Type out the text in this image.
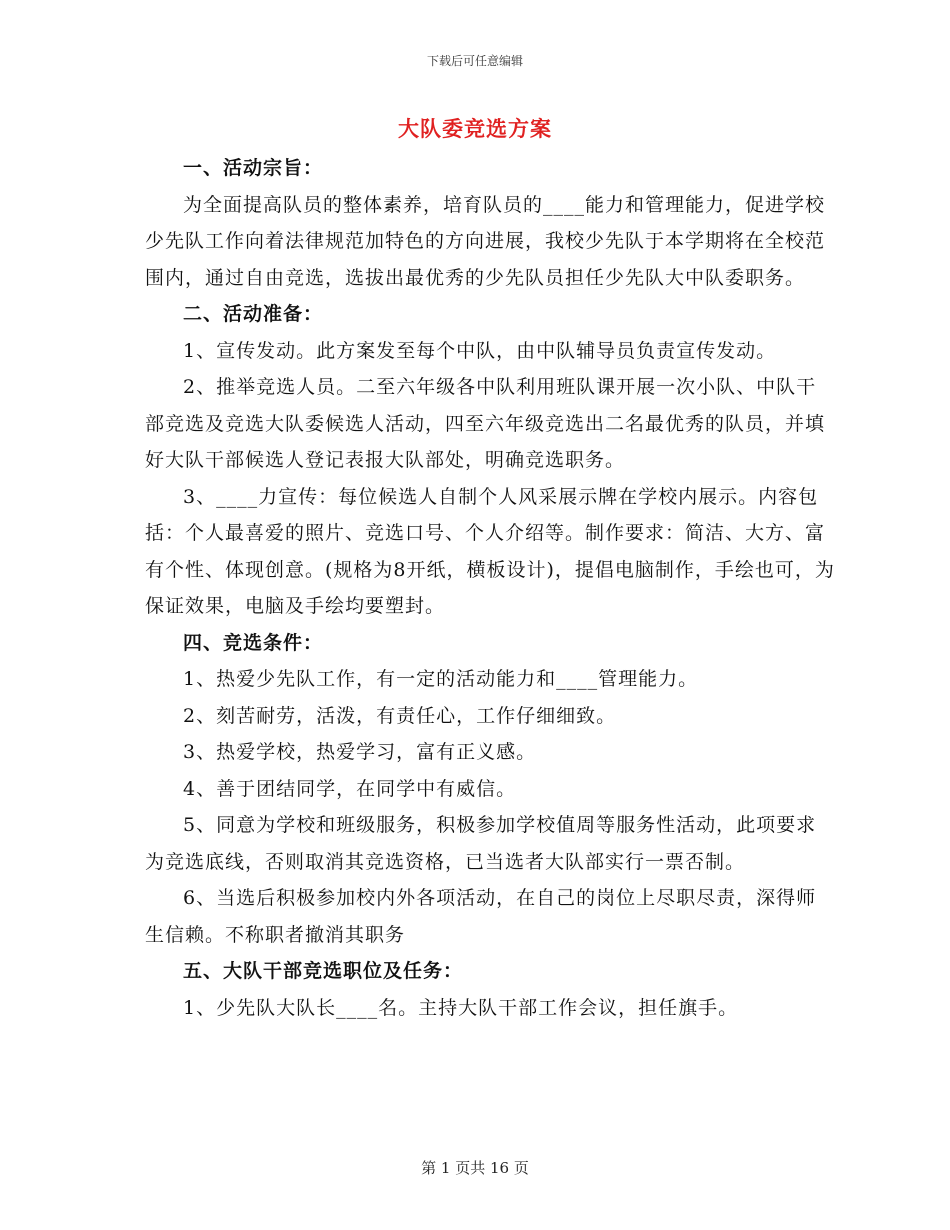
下载后可任意编辑
大队委竞选方案

一、活动宗旨：

为全面提高队员的整体素养，培育队员的____能力和管理能力，促进学校少先队工作向着法律规范加特色的方向进展，我校少先队于本学期将在全校范围内，通过自由竞选，选拔出最优秀的少先队员担任少先队大中队委职务。

二、活动准备：

1、宣传发动。此方案发至每个中队，由中队辅导员负责宣传发动。

2、推举竞选人员。二至六年级各中队利用班队课开展一次小队、中队干部竞选及竞选大队委候选人活动，四至六年级竞选出二名最优秀的队员，并填好大队干部候选人登记表报大队部处，明确竞选职务。

3、____力宣传：每位候选人自制个人风采展示牌在学校内展示。内容包括：个人最喜爱的照片、竞选口号、个人介绍等。制作要求：简洁、大方、富有个性、体现创意。(规格为8开纸，横板设计)，提倡电脑制作，手绘也可，为保证效果，电脑及手绘均要塑封。

四、竞选条件：

1、热爱少先队工作，有一定的活动能力和____管理能力。

2、刻苦耐劳，活泼，有责任心，工作仔细细致。

3、热爱学校，热爱学习，富有正义感。

4、善于团结同学，在同学中有威信。

5、同意为学校和班级服务，积极参加学校值周等服务性活动，此项要求为竞选底线，否则取消其竞选资格，已当选者大队部实行一票否制。

6、当选后积极参加校内外各项活动，在自己的岗位上尽职尽责，深得师生信赖。不称职者撤消其职务

五、大队干部竞选职位及任务：

1、少先队大队长____名。主持大队干部工作会议，担任旗手。

第 1 页共 16 页
